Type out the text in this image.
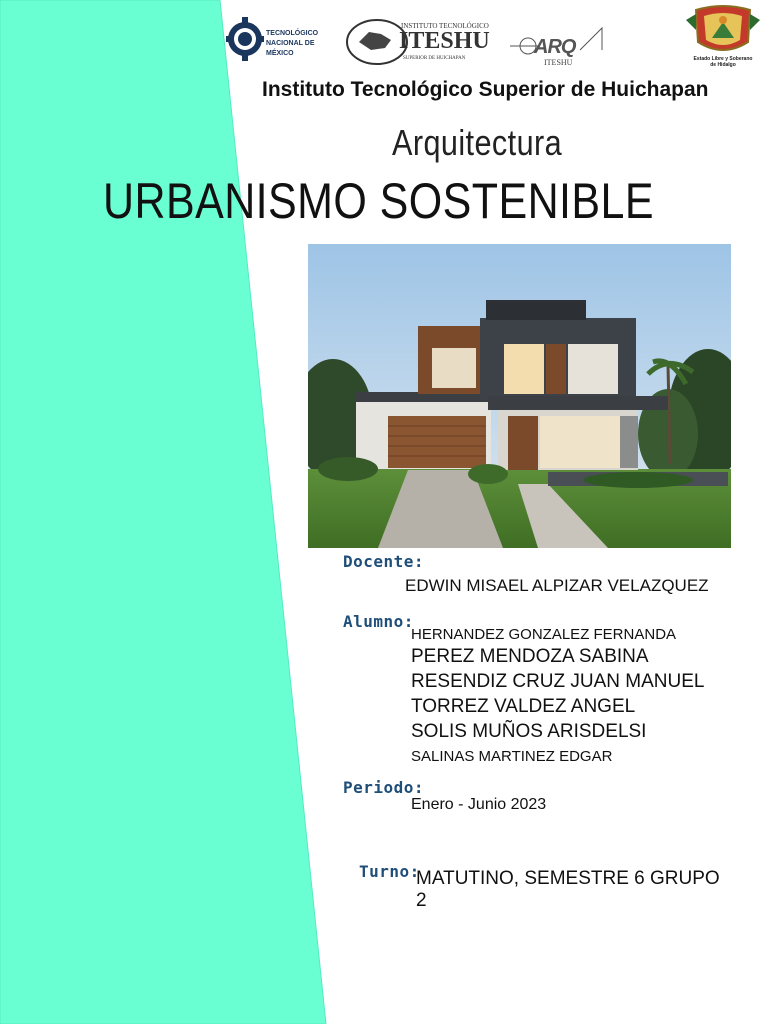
TECNOLÓGICO
NACIONAL DE MÉXICO
INSTITUTO TECNOLÓGICO
ITESHU
SUPERIOR DE HUICHAPAN
ARQ
ITESHU	Estado Libre y Soberano
de Hidalgo
Instituto Tecnológico Superior de Huichapan
Arquitectura
URBANISMO SOSTENIBLE
Docente:
EDWIN MISAEL ALPIZAR VELAZQUEZ
Alumno:
HERNANDEZ GONZALEZ FERNANDA
PEREZ MENDOZA SABINA
RESENDIZ CRUZ JUAN MANUEL
TORREZ VALDEZ ANGEL
SOLIS MUÑOS ARISDELSI
SALINAS MARTINEZ EDGAR
Periodo:
Enero - Junio 2023
Turno:
MATUTINO, SEMESTRE 6 GRUPO
2
